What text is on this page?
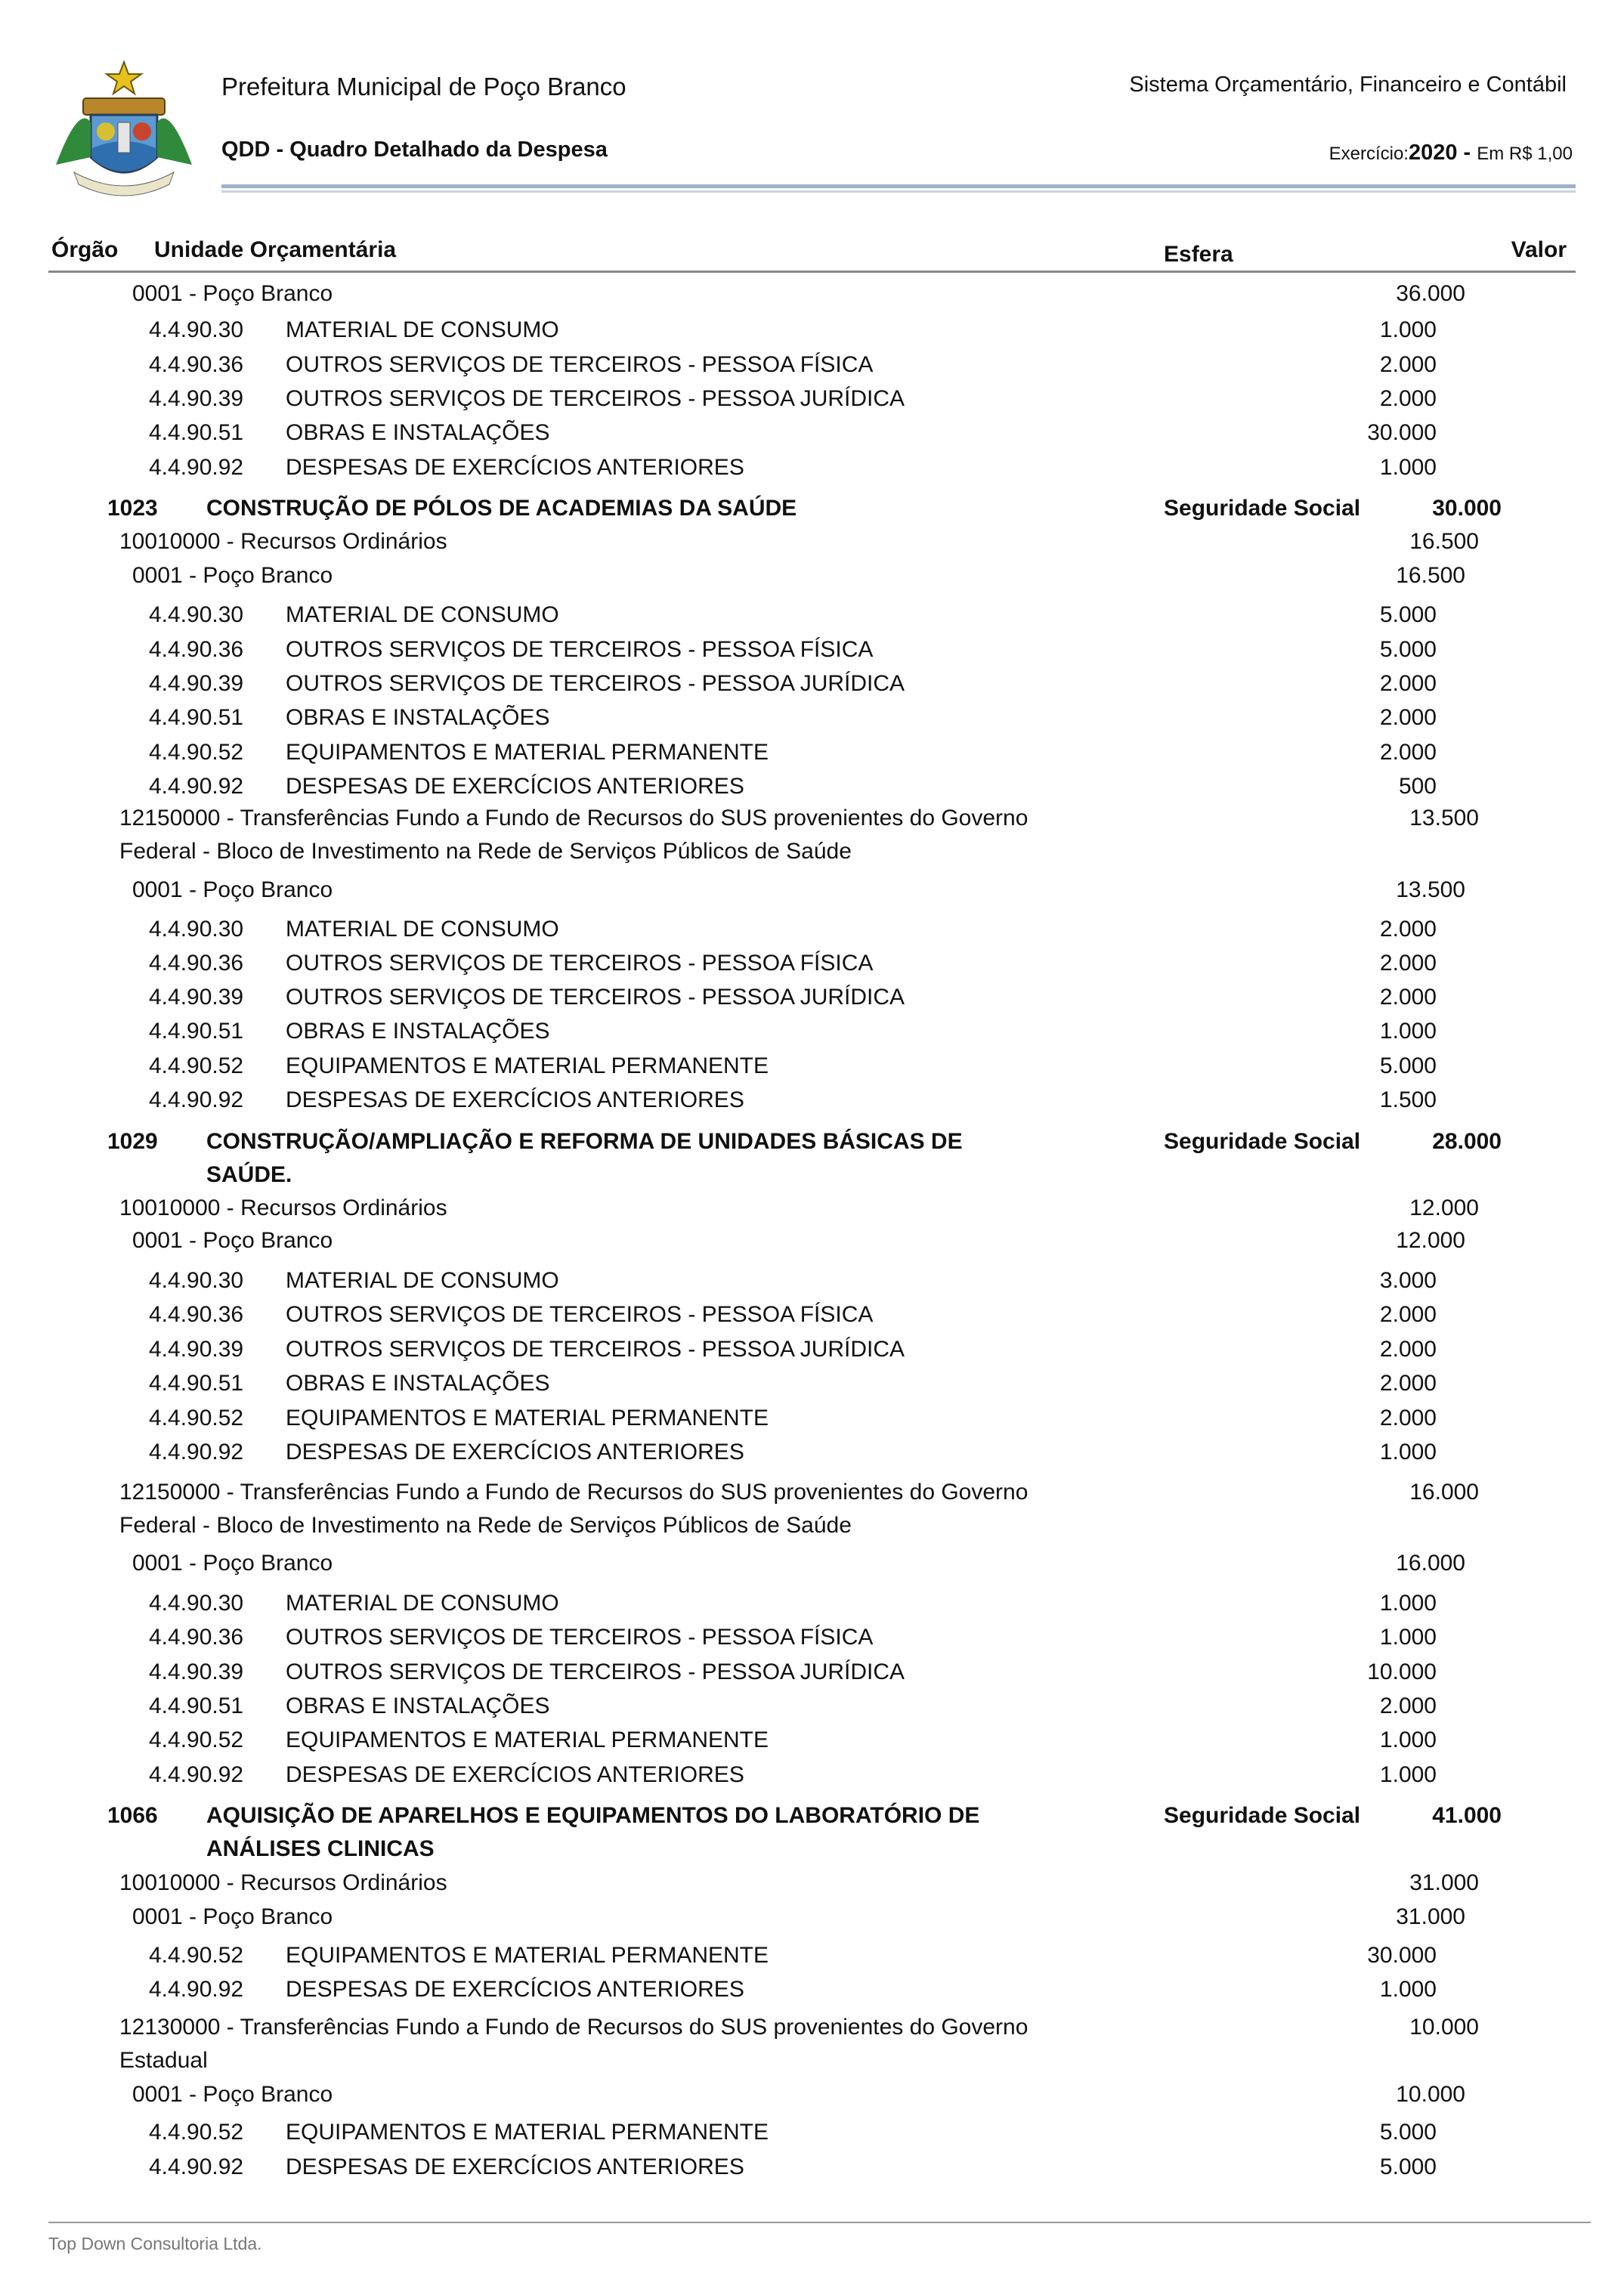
Prefeitura Municipal de Poço Branco	Sistema Orçamentário, Financeiro e Contábil
QDD - Quadro Detalhado da Despesa	Exercício:2020 - Em R$ 1,00
Órgão Unidade Orçamentária	Esfera	Valor
0001 - Poço Branco	36.000
4.4.90.30 MATERIAL DE CONSUMO	1.000
4.4.90.36 OUTROS SERVIÇOS DE TERCEIROS - PESSOA FÍSICA	2.000
4.4.90.39 OUTROS SERVIÇOS DE TERCEIROS - PESSOA JURÍDICA	2.000
4.4.90.51 OBRAS E INSTALAÇÕES	30.000
4.4.90.92 DESPESAS DE EXERCÍCIOS ANTERIORES	1.000
1023 CONSTRUÇÃO DE PÓLOS DE ACADEMIAS DA SAÚDE	Seguridade Social	30.000
10010000 - Recursos Ordinários	16.500
0001 - Poço Branco	16.500
4.4.90.30 MATERIAL DE CONSUMO	5.000
4.4.90.36 OUTROS SERVIÇOS DE TERCEIROS - PESSOA FÍSICA	5.000
4.4.90.39 OUTROS SERVIÇOS DE TERCEIROS - PESSOA JURÍDICA	2.000
4.4.90.51 OBRAS E INSTALAÇÕES	2.000
4.4.90.52 EQUIPAMENTOS E MATERIAL PERMANENTE	2.000
4.4.90.92 DESPESAS DE EXERCÍCIOS ANTERIORES	500
12150000 - Transferências Fundo a Fundo de Recursos do SUS provenientes do Governo
Federal - Bloco de Investimento na Rede de Serviços Públicos de Saúde
13.500
0001 - Poço Branco	13.500
4.4.90.30 MATERIAL DE CONSUMO	2.000
4.4.90.36 OUTROS SERVIÇOS DE TERCEIROS - PESSOA FÍSICA	2.000
4.4.90.39 OUTROS SERVIÇOS DE TERCEIROS - PESSOA JURÍDICA	2.000
4.4.90.51 OBRAS E INSTALAÇÕES	1.000
4.4.90.52 EQUIPAMENTOS E MATERIAL PERMANENTE	5.000
4.4.90.92 DESPESAS DE EXERCÍCIOS ANTERIORES	1.500
1029 CONSTRUÇÃO/AMPLIAÇÃO E REFORMA DE UNIDADES BÁSICAS DE
SAÚDE.
Seguridade Social	28.000
10010000 - Recursos Ordinários	12.000
0001 - Poço Branco	12.000
4.4.90.30 MATERIAL DE CONSUMO	3.000
4.4.90.36 OUTROS SERVIÇOS DE TERCEIROS - PESSOA FÍSICA	2.000
4.4.90.39 OUTROS SERVIÇOS DE TERCEIROS - PESSOA JURÍDICA	2.000
4.4.90.51 OBRAS E INSTALAÇÕES	2.000
4.4.90.52 EQUIPAMENTOS E MATERIAL PERMANENTE	2.000
4.4.90.92 DESPESAS DE EXERCÍCIOS ANTERIORES	1.000
12150000 - Transferências Fundo a Fundo de Recursos do SUS provenientes do Governo
Federal - Bloco de Investimento na Rede de Serviços Públicos de Saúde
16.000
0001 - Poço Branco	16.000
4.4.90.30 MATERIAL DE CONSUMO	1.000
4.4.90.36 OUTROS SERVIÇOS DE TERCEIROS - PESSOA FÍSICA	1.000
4.4.90.39 OUTROS SERVIÇOS DE TERCEIROS - PESSOA JURÍDICA	10.000
4.4.90.51 OBRAS E INSTALAÇÕES	2.000
4.4.90.52 EQUIPAMENTOS E MATERIAL PERMANENTE	1.000
4.4.90.92 DESPESAS DE EXERCÍCIOS ANTERIORES	1.000
1066 AQUISIÇÃO DE APARELHOS E EQUIPAMENTOS DO LABORATÓRIO DE
ANÁLISES CLINICAS
Seguridade Social	41.000
10010000 - Recursos Ordinários	31.000
0001 - Poço Branco	31.000
4.4.90.52 EQUIPAMENTOS E MATERIAL PERMANENTE	30.000
4.4.90.92 DESPESAS DE EXERCÍCIOS ANTERIORES	1.000
12130000 - Transferências Fundo a Fundo de Recursos do SUS provenientes do Governo
Estadual
10.000
0001 - Poço Branco	10.000
4.4.90.52 EQUIPAMENTOS E MATERIAL PERMANENTE	5.000
4.4.90.92 DESPESAS DE EXERCÍCIOS ANTERIORES	5.000
Top Down Consultoria Ltda.
